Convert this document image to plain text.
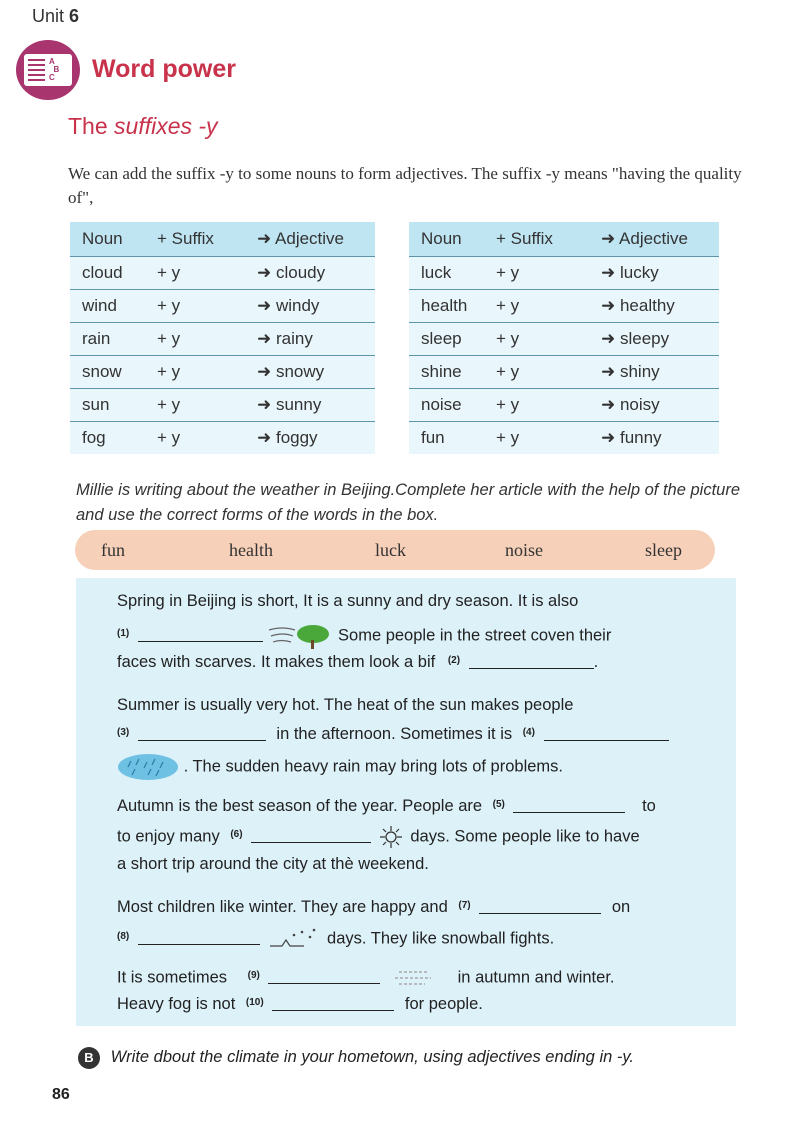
Unit 6
A
B
C Word power
The suffixes -y
We can add the suffix -y to some nouns to form adjectives. The suffix -y means "having the quality of",
Noun	+ Suffix	➜ Adjective
cloud	+ y	➜ cloudy
wind	+ y	➜ windy
rain	+ y	➜ rainy
snow	+ y	➜ snowy
sun	+ y	➜ sunny
fog	+ y	➜ foggy
Noun	+ Suffix	➜ Adjective
luck	+ y	➜ lucky
health	+ y	➜ healthy
sleep	+ y	➜ sleepy
shine	+ y	➜ shiny
noise	+ y	➜ noisy
fun	+ y	➜ funny
Millie is writing about the weather in Beijing.Complete her article with the help of the picture and use the correct forms of the words in the box.
fun	health	luck	noise	sleep
Spring in Beijing is short, It is a sunny and dry season. It is also
$^{(1)}$	Some people in the street coven their
faces with scarves. It makes them look a bif $^{(2)}$	.
Summer is usually very hot. The heat of the sun makes people
$^{(3)}$	in the afternoon. Sometimes it is $^{(4)}$
. The sudden heavy rain may bring lots of problems.
Autumn is the best season of the year. People are $^{(5)}$	to
to enjoy many $^{(6)}$	days. Some people like to have
a short trip around the city at thè weekend.
Most children like winter. They are happy and $^{(7)}$	on
$^{(8)}$	days. They like snowball fights.
It is sometimes $^{(9)}$	in autumn and winter.
Heavy fog is not $^{(10)}$	for people.
B Write dbout the climate in your hometown, using adjectives ending in -y.
86
